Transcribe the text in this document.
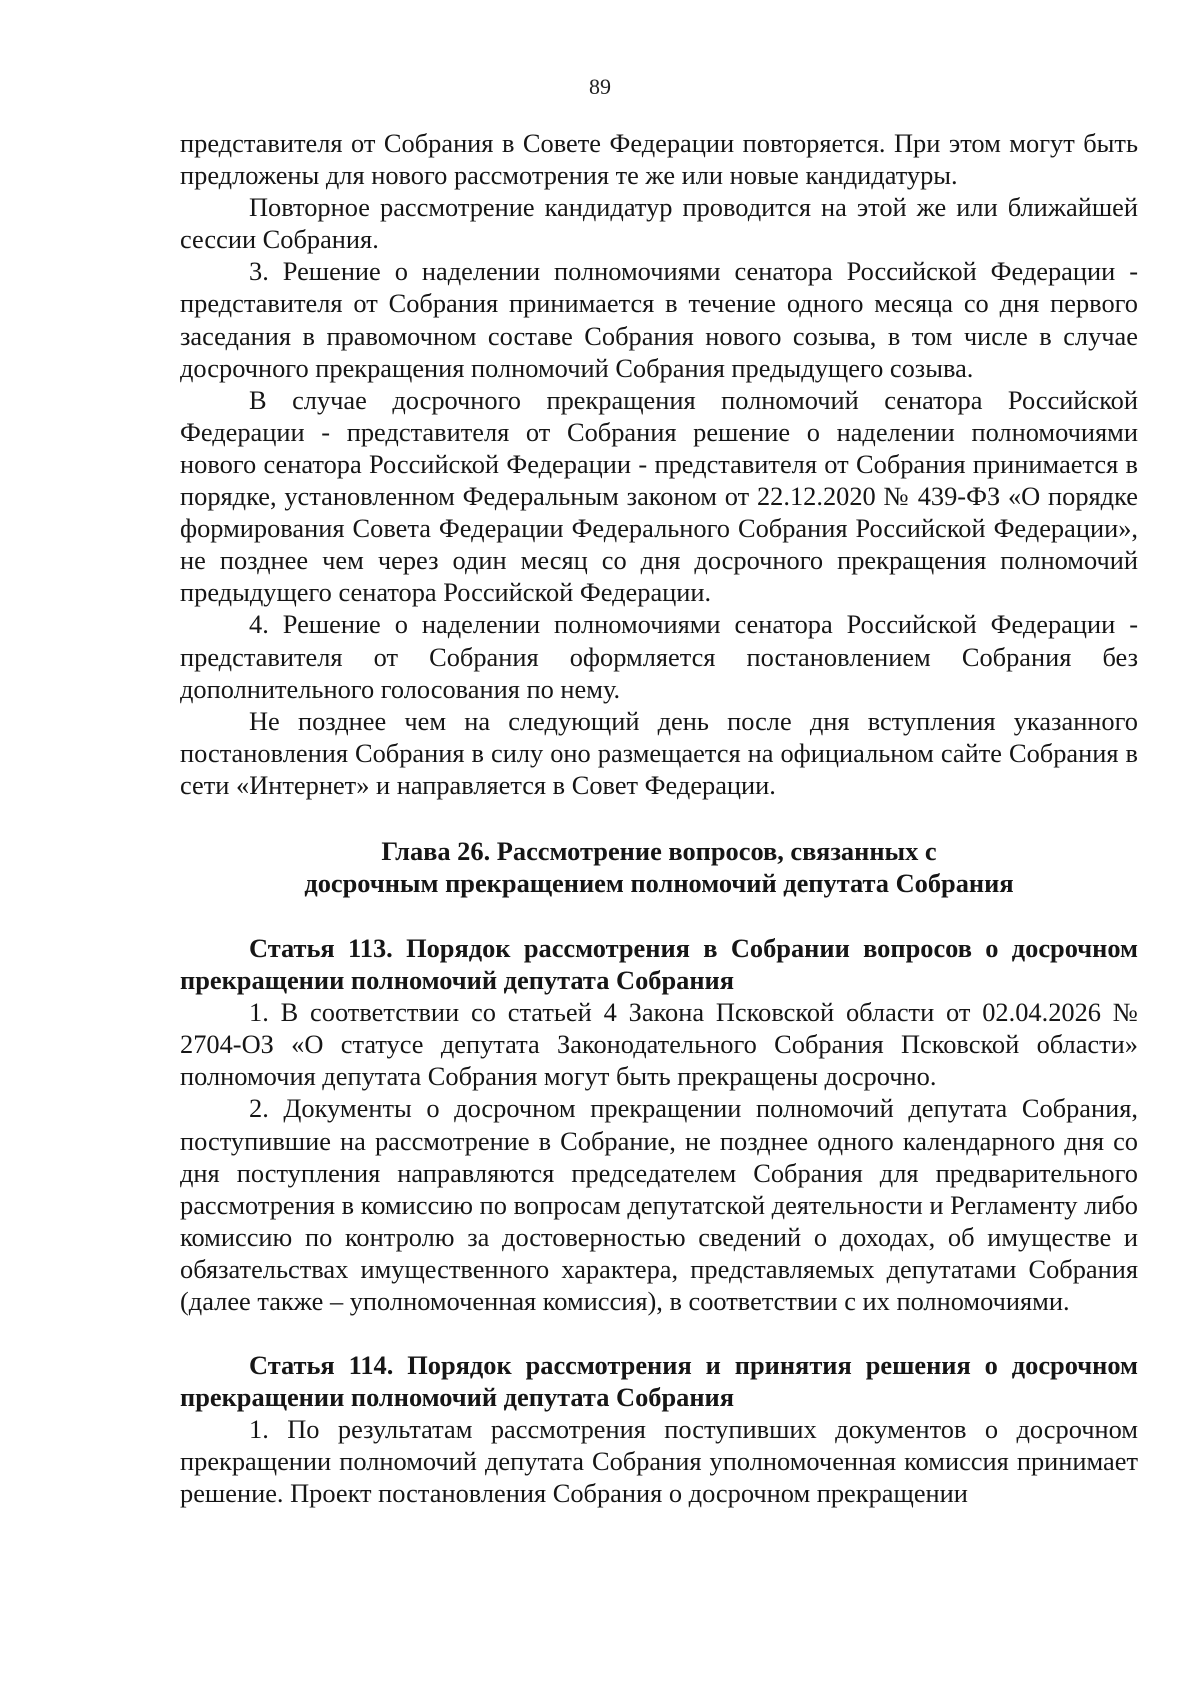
89

представителя от Собрания в Совете Федерации повторяется. При этом могут быть предложены для нового рассмотрения те же или новые кандидатуры.

Повторное рассмотрение кандидатур проводится на этой же или ближайшей сессии Собрания.

3. Решение о наделении полномочиями сенатора Российской Федерации - представителя от Собрания принимается в течение одного месяца со дня первого заседания в правомочном составе Собрания нового созыва, в том числе в случае досрочного прекращения полномочий Собрания предыдущего созыва.

В случае досрочного прекращения полномочий сенатора Российской Федерации - представителя от Собрания решение о наделении полномочиями нового сенатора Российской Федерации - представителя от Собрания принимается в порядке, установленном Федеральным законом от 22.12.2020 № 439-ФЗ «О порядке формирования Совета Федерации Федерального Собрания Российской Федерации», не позднее чем через один месяц со дня досрочного прекращения полномочий предыдущего сенатора Российской Федерации.

4. Решение о наделении полномочиями сенатора Российской Федерации - представителя от Собрания оформляется постановлением Собрания без дополнительного голосования по нему.

Не позднее чем на следующий день после дня вступления указанного постановления Собрания в силу оно размещается на официальном сайте Собрания в сети «Интернет» и направляется в Совет Федерации.

Глава 26. Рассмотрение вопросов, связанных с
досрочным прекращением полномочий депутата Собрания

Статья 113. Порядок рассмотрения в Собрании вопросов о досрочном прекращении полномочий депутата Собрания

1. В соответствии со статьей 4 Закона Псковской области от 02.04.2026 № 2704-ОЗ «О статусе депутата Законодательного Собрания Псковской области» полномочия депутата Собрания могут быть прекращены досрочно.

2. Документы о досрочном прекращении полномочий депутата Собрания, поступившие на рассмотрение в Собрание, не позднее одного календарного дня со дня поступления направляются председателем Собрания для предварительного рассмотрения в комиссию по вопросам депутатской деятельности и Регламенту либо комиссию по контролю за достоверностью сведений о доходах, об имуществе и обязательствах имущественного характера, представляемых депутатами Собрания (далее также – уполномоченная комиссия), в соответствии с их полномочиями.

Статья 114. Порядок рассмотрения и принятия решения о досрочном прекращении полномочий депутата Собрания

1. По результатам рассмотрения поступивших документов о досрочном прекращении полномочий депутата Собрания уполномоченная комиссия принимает решение. Проект постановления Собрания о досрочном прекращении
